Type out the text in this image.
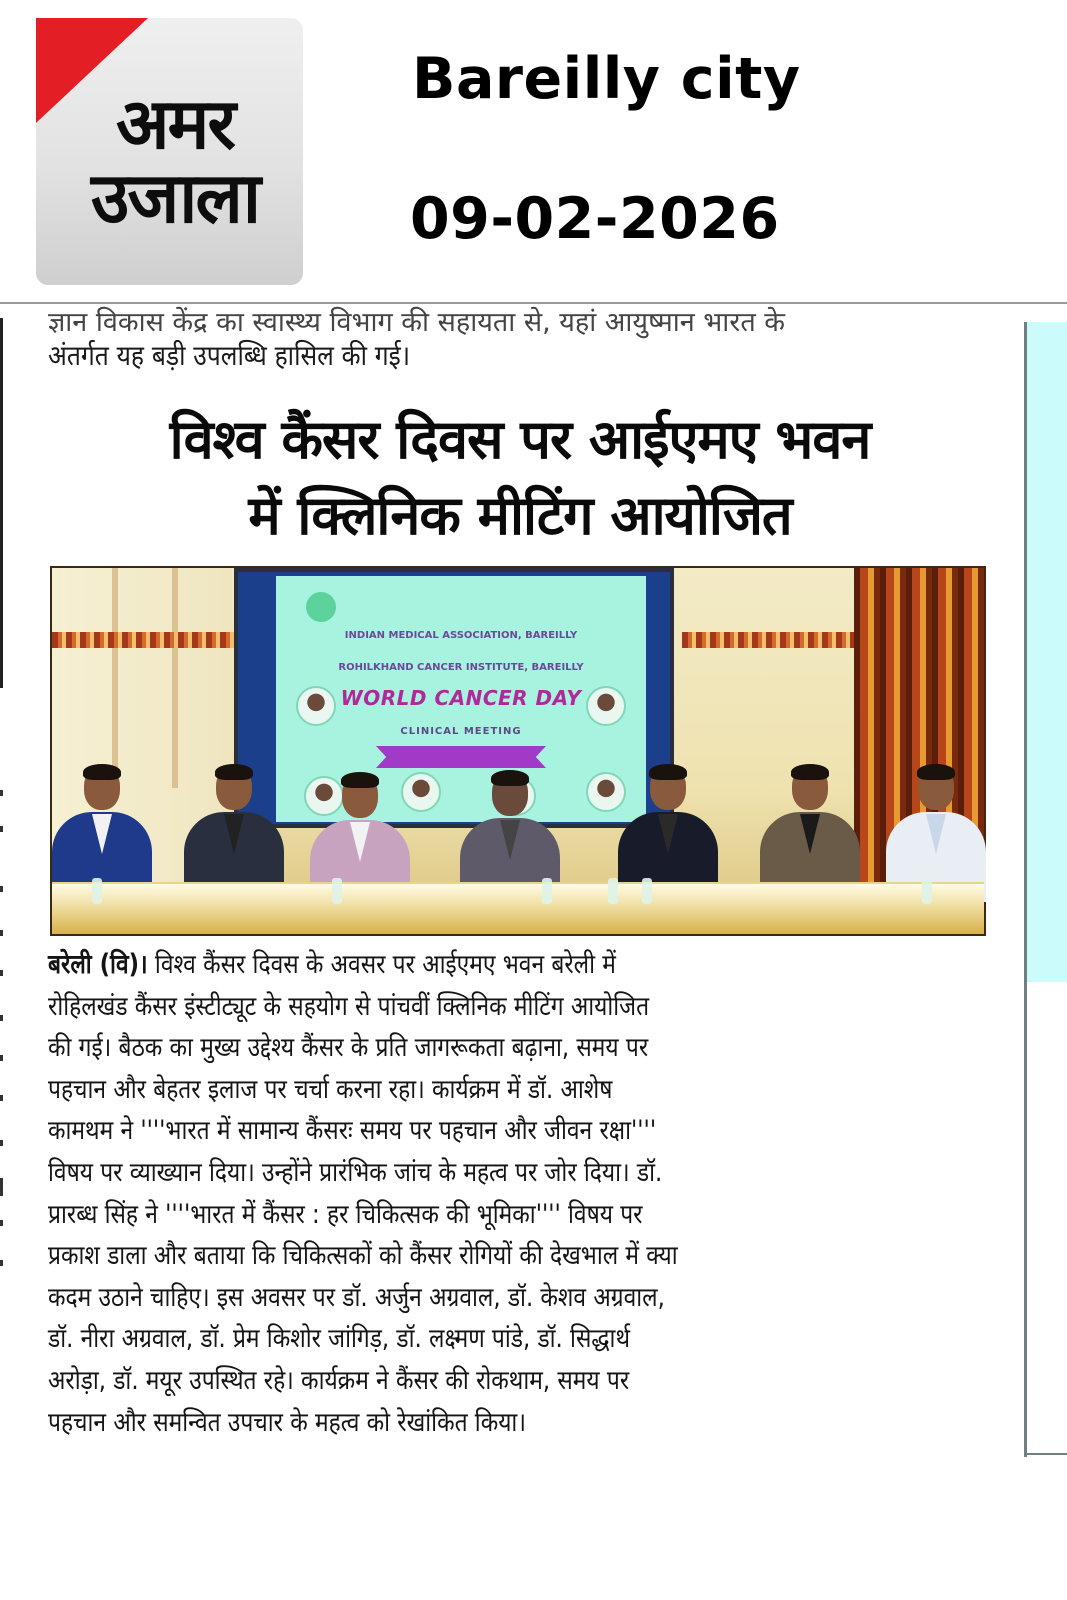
अमर
उजाला
Bareilly city
09-02-2026
ज्ञान विकास केंद्र का स्वास्थ्य विभाग की सहायता से, यहां आयुष्मान भारत के
अंतर्गत यह बड़ी उपलब्धि हासिल की गई।
विश्व कैंसर दिवस पर आईएमए भवन
में क्लिनिक मीटिंग आयोजित
INDIAN MEDICAL ASSOCIATION, BAREILLY
ROHILKHAND CANCER INSTITUTE, BAREILLY
WORLD CANCER DAY
CLINICAL MEETING
बरेली (वि)। विश्व कैंसर दिवस के अवसर पर आईएमए भवन बरेली में
रोहिलखंड कैंसर इंस्टीट्यूट के सहयोग से पांचवीं क्लिनिक मीटिंग आयोजित
की गई। बैठक का मुख्य उद्देश्य कैंसर के प्रति जागरूकता बढ़ाना, समय पर
पहचान और बेहतर इलाज पर चर्चा करना रहा। कार्यक्रम में डॉ. आशेष
कामथम ने ''''भारत में सामान्य कैंसरः समय पर पहचान और जीवन रक्षा''''
विषय पर व्याख्यान दिया। उन्होंने प्रारंभिक जांच के महत्व पर जोर दिया। डॉ.
प्रारब्ध सिंह ने ''''भारत में कैंसर : हर चिकित्सक की भूमिका'''' विषय पर
प्रकाश डाला और बताया कि चिकित्सकों को कैंसर रोगियों की देखभाल में क्या
कदम उठाने चाहिए। इस अवसर पर डॉ. अर्जुन अग्रवाल, डॉ. केशव अग्रवाल,
डॉ. नीरा अग्रवाल, डॉ. प्रेम किशोर जांगिड़, डॉ. लक्ष्मण पांडे, डॉ. सिद्धार्थ
अरोड़ा, डॉ. मयूर उपस्थित रहे। कार्यक्रम ने कैंसर की रोकथाम, समय पर
पहचान और समन्वित उपचार के महत्व को रेखांकित किया।
